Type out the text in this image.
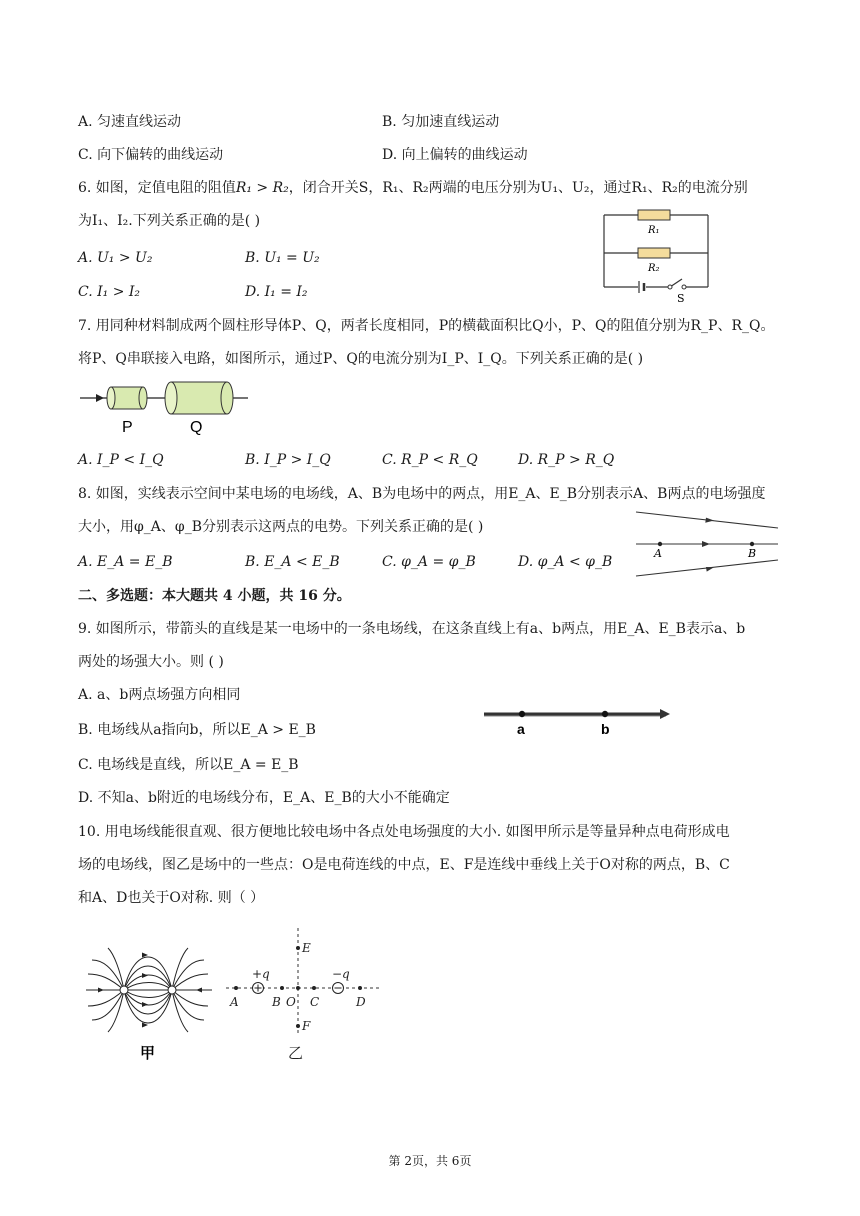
A. 匀速直线运动	B. 匀加速直线运动
C. 向下偏转的曲线运动	D. 向上偏转的曲线运动
6. 如图，定值电阻的阻值R₁ > R₂，闭合开关S，R₁、R₂两端的电压分别为U₁、U₂，通过R₁、R₂的电流分别
为I₁、I₂.下列关系正确的是( )
A. U₁ > U₂	B. U₁ = U₂
C. I₁ > I₂	D. I₁ = I₂
R₁
R₂
S
7. 用同种材料制成两个圆柱形导体P、Q，两者长度相同，P的横截面积比Q小，P、Q的阻值分别为R_P、R_Q。
将P、Q串联接入电路，如图所示，通过P、Q的电流分别为I_P、I_Q。下列关系正确的是( )
P	Q
A. I_P < I_Q	B. I_P > I_Q	C. R_P < R_Q	D. R_P > R_Q
8. 如图，实线表示空间中某电场的电场线，A、B为电场中的两点，用E_A、E_B分别表示A、B两点的电场强度
大小，用φ_A、φ_B分别表示这两点的电势。下列关系正确的是( )
A	B
A. E_A = E_B	B. E_A < E_B	C. φ_A = φ_B	D. φ_A < φ_B
二、多选题：本大题共 4 小题，共 16 分。
9. 如图所示，带箭头的直线是某一电场中的一条电场线，在这条直线上有a、b两点，用E_A、E_B表示a、b
两处的场强大小。则 ( )
A. a、b两点场强方向相同
B. 电场线从a指向b，所以E_A > E_B
C. 电场线是直线，所以E_A = E_B
D. 不知a、b附近的电场线分布，E_A、E_B的大小不能确定
a	b
10. 用电场线能很直观、很方便地比较电场中各点处电场强度的大小. 如图甲所示是等量异种点电荷形成电
场的电场线，图乙是场中的一些点：O是电荷连线的中点，E、F是连线中垂线上关于O对称的两点，B、C
和A、D也关于O对称. 则（ ）
甲
+q	−q
A	B O C	D
E
F
乙
第 2页，共 6页
